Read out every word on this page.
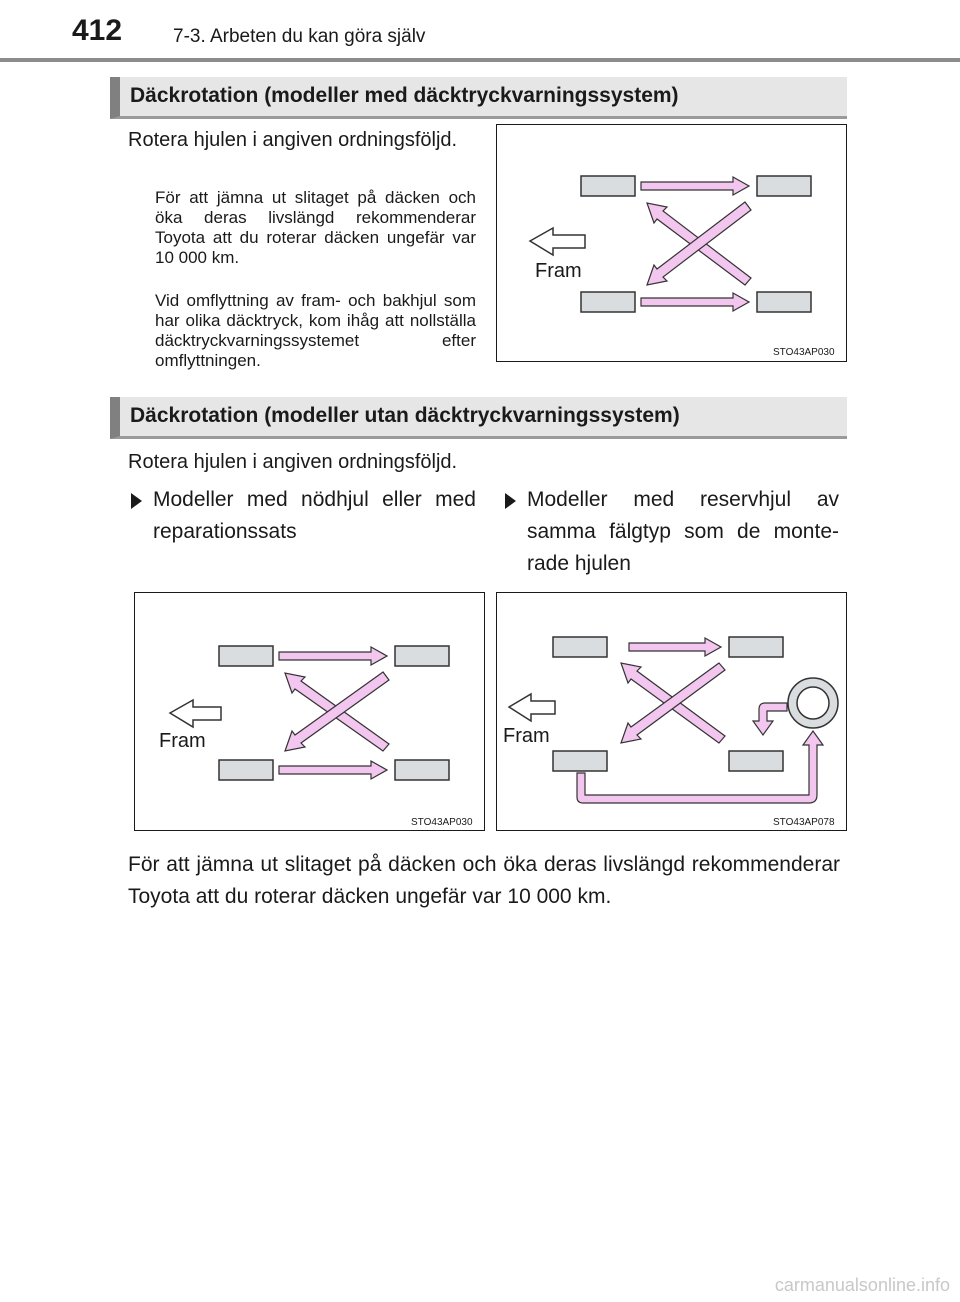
412	7-3. Arbeten du kan göra själv
Däckrotation (modeller med däcktryckvarningssystem)
Rotera hjulen i angiven ordningsföljd.
För att jämna ut slitaget på däcken och öka deras livslängd rekommenderar Toyota att du roterar däcken ungefär var 10 000 km.
Vid omflyttning av fram- och bakhjul som har olika däcktryck, kom ihåg att nollställa däcktryckvarningssystemet efter omflyttningen.
Fram
STO43AP030
Däckrotation (modeller utan däcktryckvarningssystem)
Rotera hjulen i angiven ordningsföljd.
Modeller med nödhjul eller med reparationssats
Modeller med reservhjul av samma fälgtyp som de monterade hjulen
Fram
STO43AP030
Fram
STO43AP078
För att jämna ut slitaget på däcken och öka deras livslängd rekommenderar Toyota att du roterar däcken ungefär var 10 000 km.
carmanualsonline.info
